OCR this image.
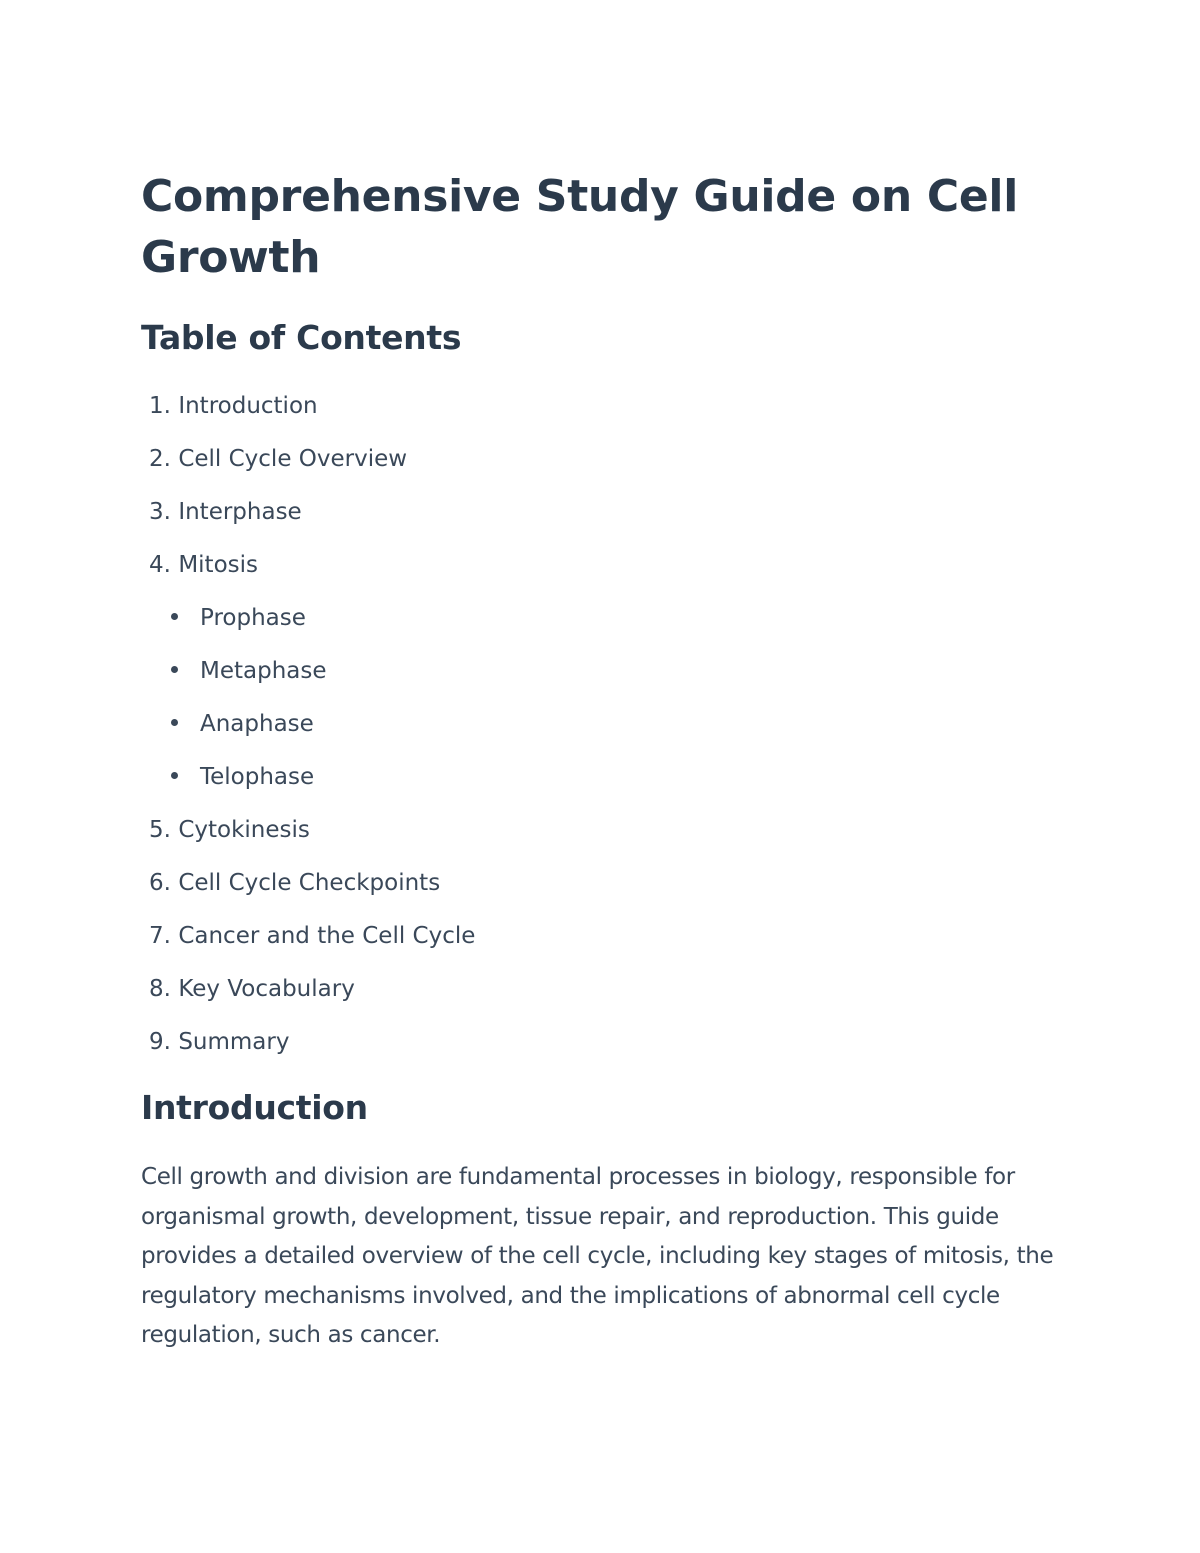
Comprehensive Study Guide on Cell Growth
Table of Contents
1. Introduction
2. Cell Cycle Overview
3. Interphase
4. Mitosis
Prophase
Metaphase
Anaphase
Telophase
5. Cytokinesis
6. Cell Cycle Checkpoints
7. Cancer and the Cell Cycle
8. Key Vocabulary
9. Summary
Introduction

Cell growth and division are fundamental processes in biology, responsible for organismal growth, development, tissue repair, and reproduction. This guide provides a detailed overview of the cell cycle, including key stages of mitosis, the regulatory mechanisms involved, and the implications of abnormal cell cycle regulation, such as cancer.
